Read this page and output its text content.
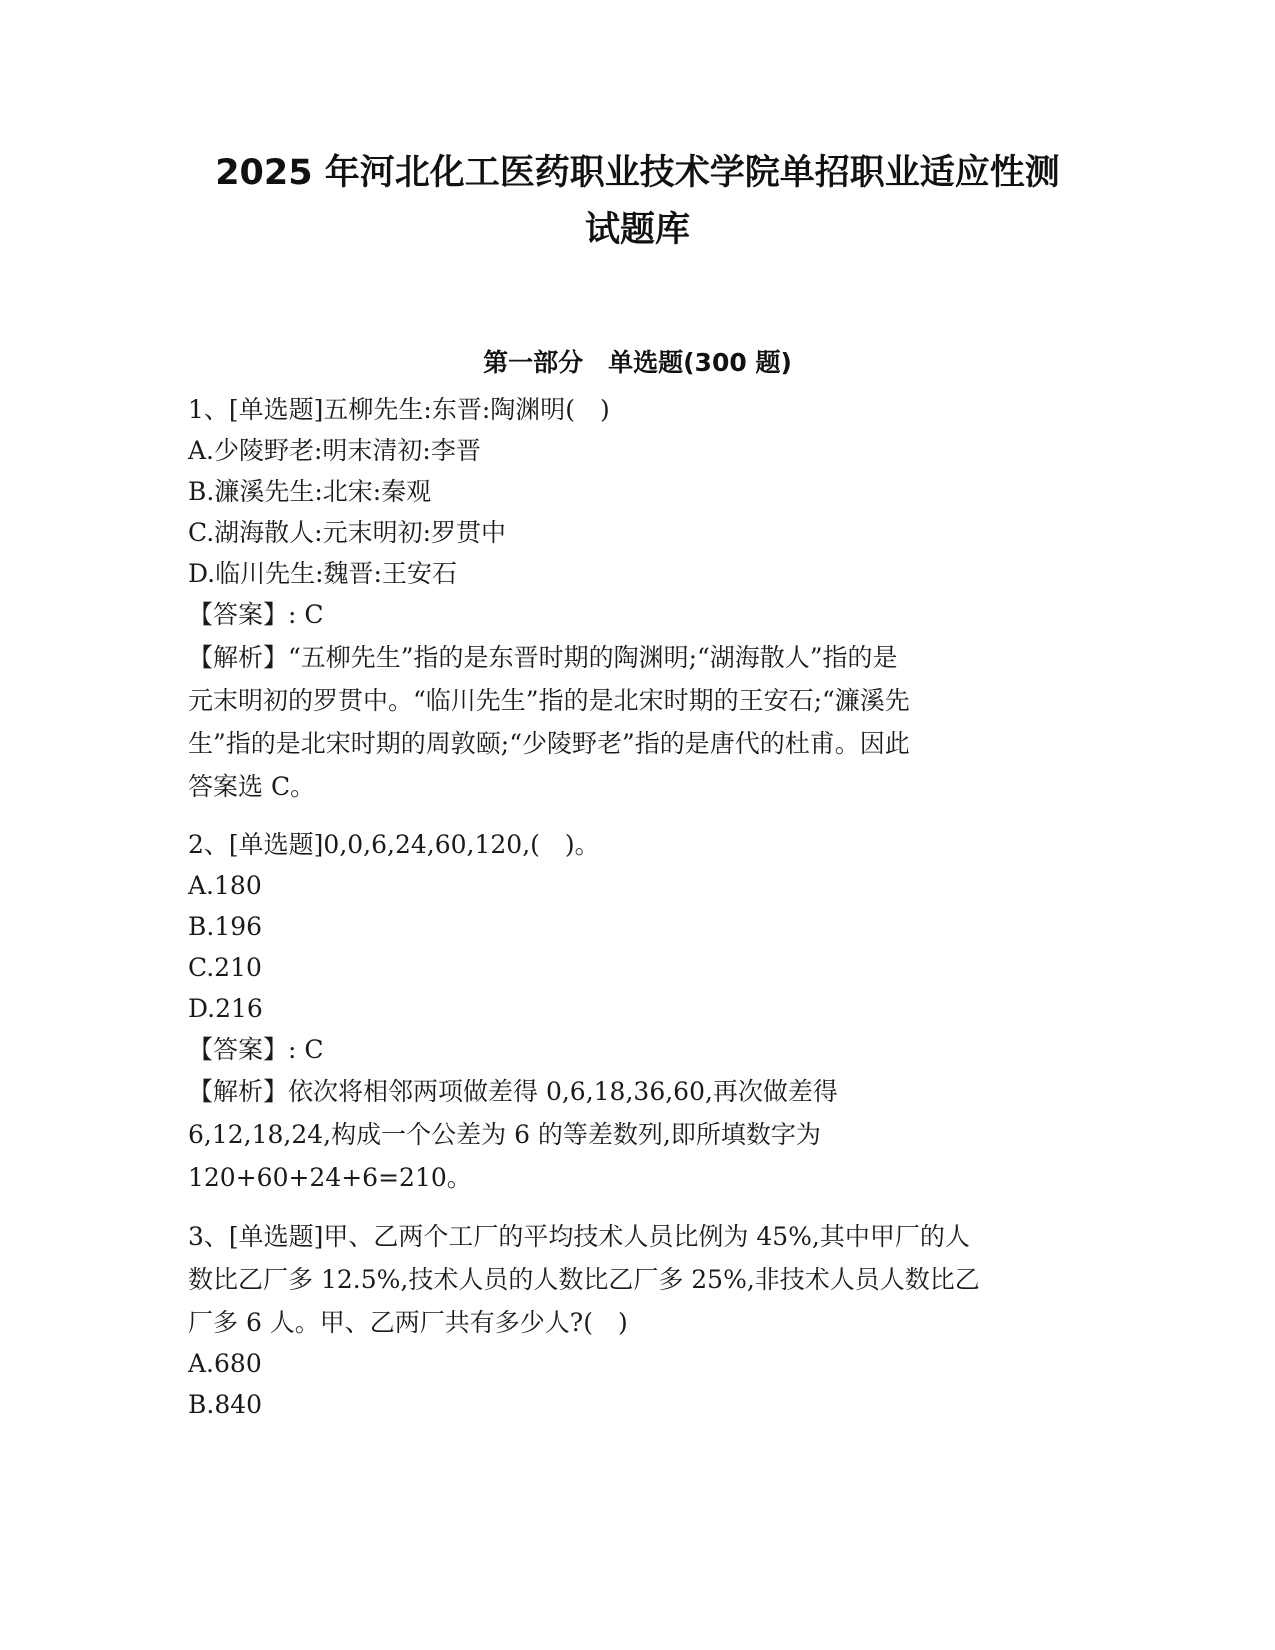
2025 年河北化工医药职业技术学院单招职业适应性测
试题库
第一部分　单选题(300 题)
1、[单选题]五柳先生:东晋:陶渊明(　)
A.少陵野老:明末清初:李晋
B.濂溪先生:北宋:秦观
C.湖海散人:元末明初:罗贯中
D.临川先生:魏晋:王安石
【答案】: C
【解析】“五柳先生”指的是东晋时期的陶渊明;“湖海散人”指的是
元末明初的罗贯中。“临川先生”指的是北宋时期的王安石;“濂溪先
生”指的是北宋时期的周敦颐;“少陵野老”指的是唐代的杜甫。因此
答案选 C。
2、[单选题]0,0,6,24,60,120,(　)。
A.180
B.196
C.210
D.216
【答案】: C
【解析】依次将相邻两项做差得 0,6,18,36,60,再次做差得
6,12,18,24,构成一个公差为 6 的等差数列,即所填数字为
120+60+24+6=210。
3、[单选题]甲、乙两个工厂的平均技术人员比例为 45%,其中甲厂的人
数比乙厂多 12.5%,技术人员的人数比乙厂多 25%,非技术人员人数比乙
厂多 6 人。甲、乙两厂共有多少人?(　)
A.680
B.840
